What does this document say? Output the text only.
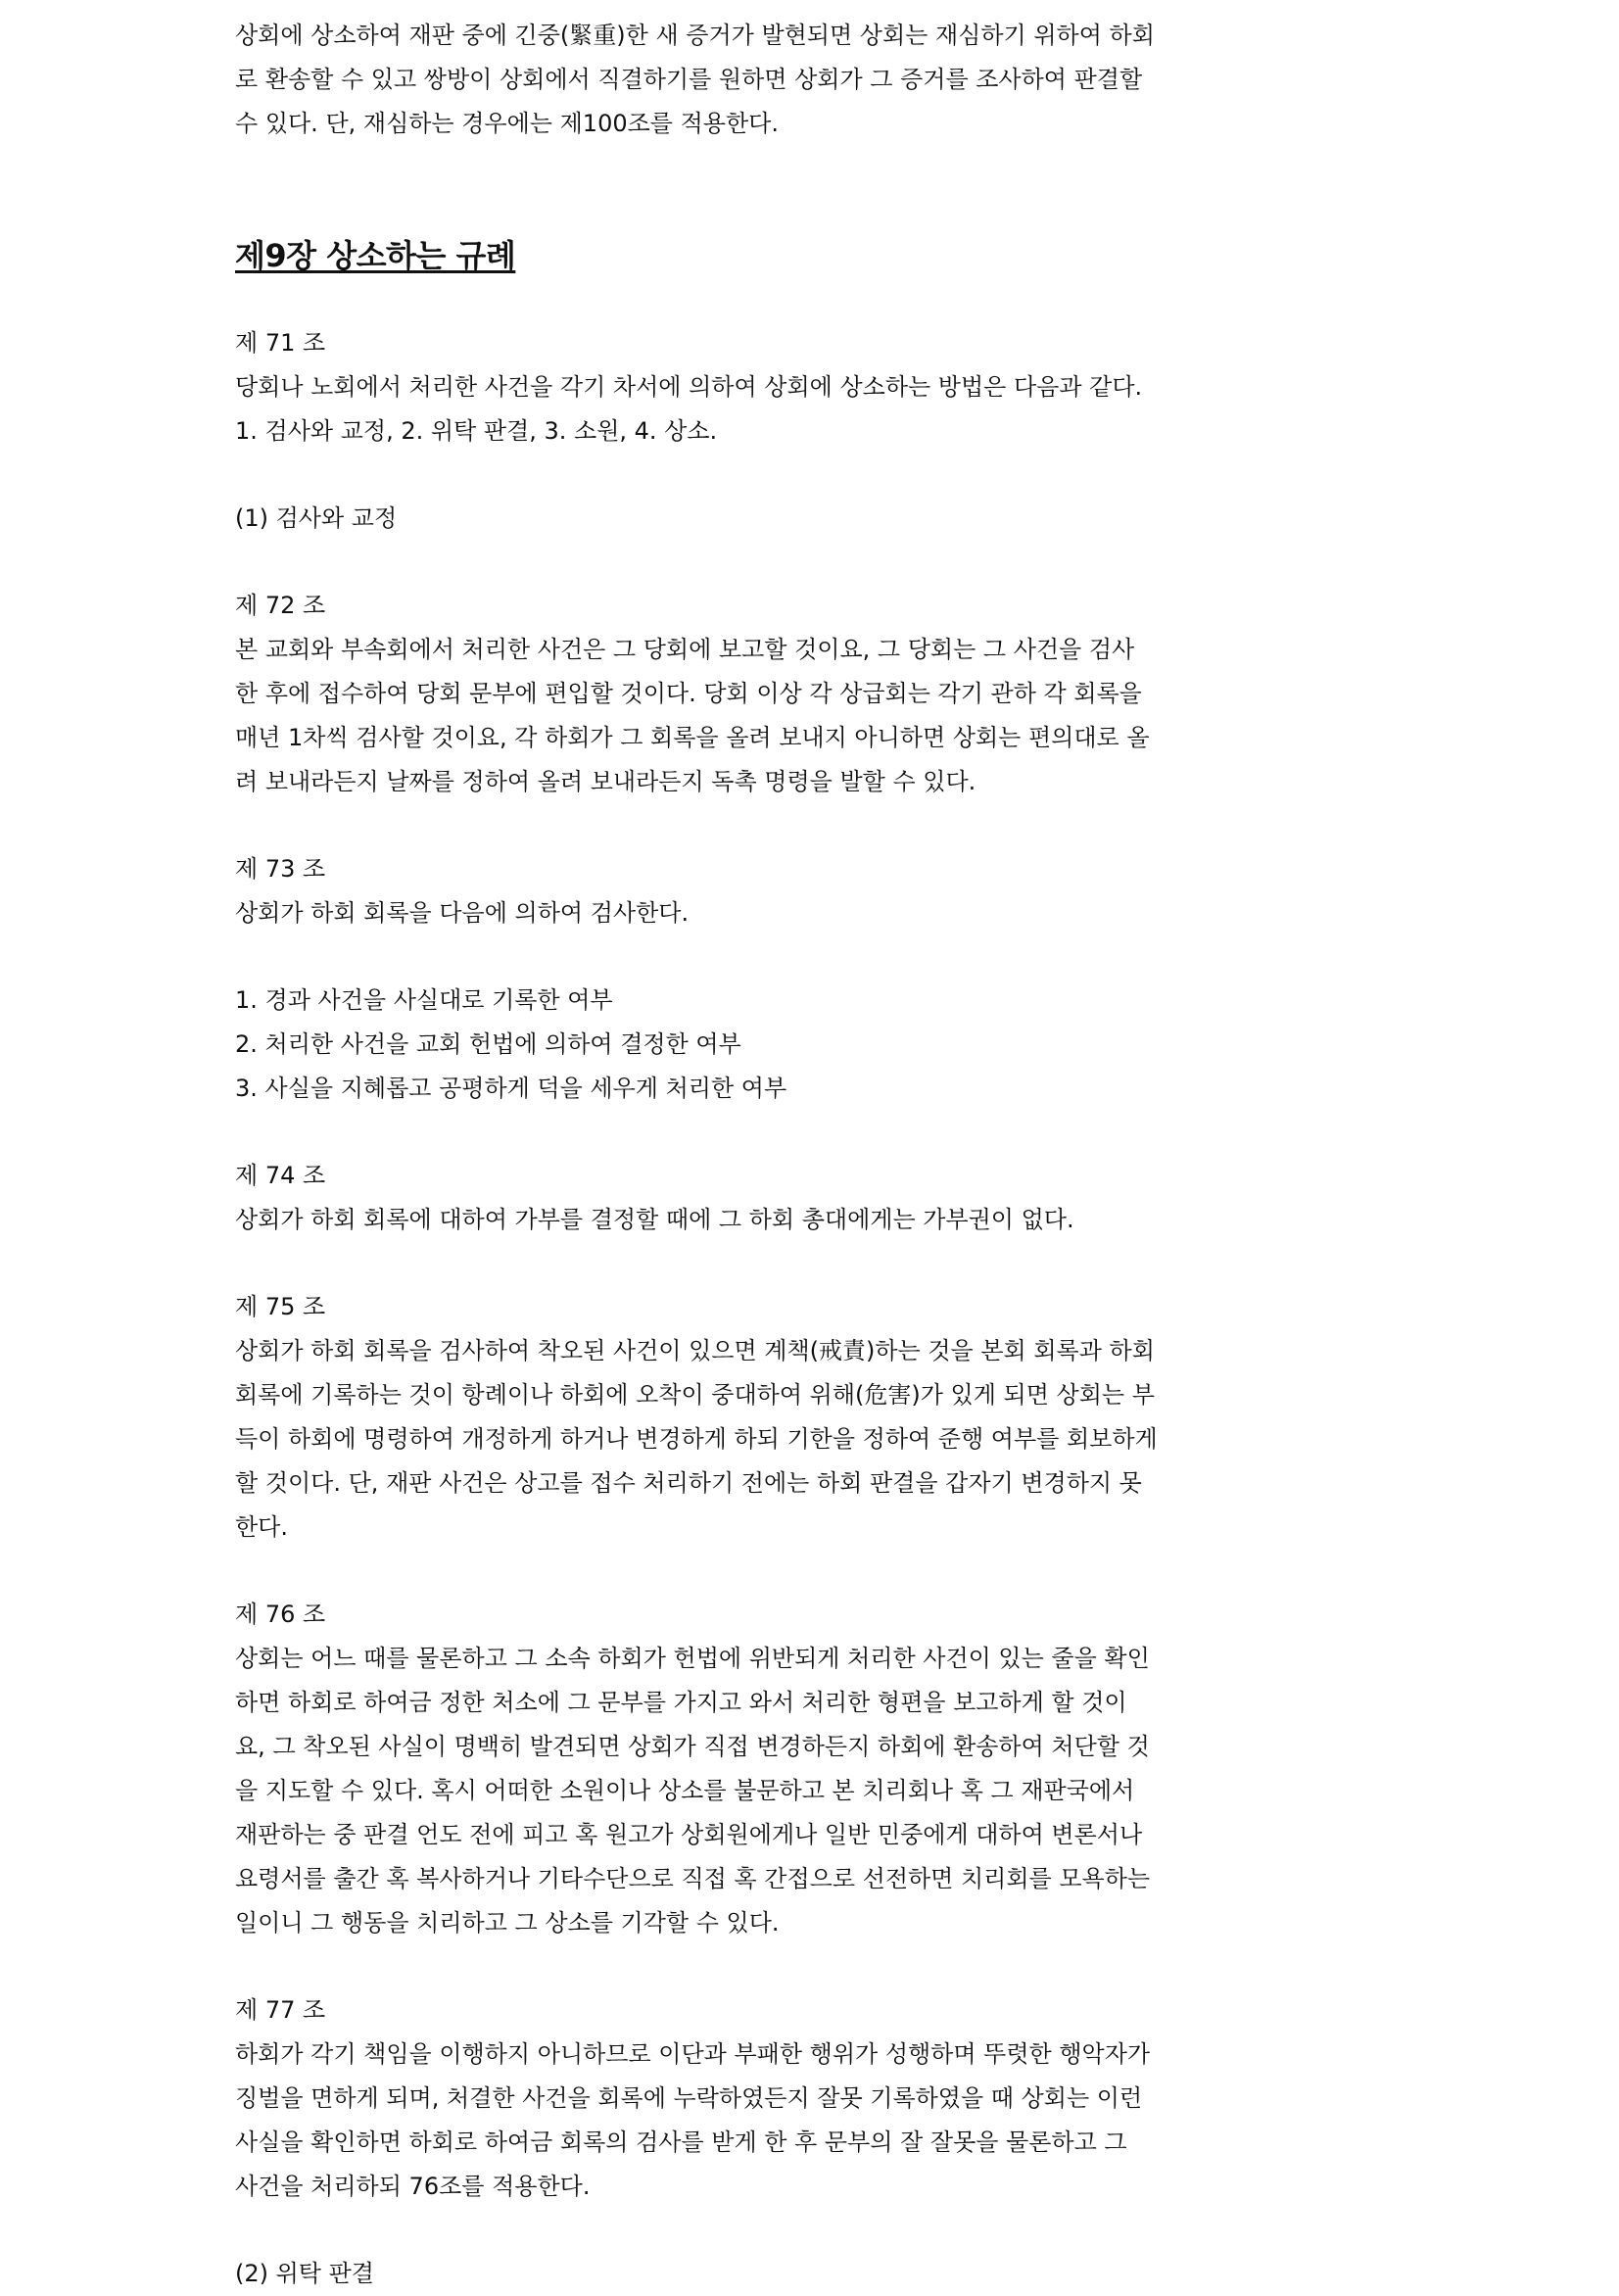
상회에 상소하여 재판 중에 긴중(緊重)한 새 증거가 발현되면 상회는 재심하기 위하여 하회
로 환송할 수 있고 쌍방이 상회에서 직결하기를 원하면 상회가 그 증거를 조사하여 판결할
수 있다. 단, 재심하는 경우에는 제100조를 적용한다.
제9장 상소하는 규례
제 71 조
당회나 노회에서 처리한 사건을 각기 차서에 의하여 상회에 상소하는 방법은 다음과 같다.
1. 검사와 교정, 2. 위탁 판결, 3. 소원, 4. 상소.
(1) 검사와 교정
제 72 조
본 교회와 부속회에서 처리한 사건은 그 당회에 보고할 것이요, 그 당회는 그 사건을 검사
한 후에 접수하여 당회 문부에 편입할 것이다. 당회 이상 각 상급회는 각기 관하 각 회록을
매년 1차씩 검사할 것이요, 각 하회가 그 회록을 올려 보내지 아니하면 상회는 편의대로 올
려 보내라든지 날짜를 정하여 올려 보내라든지 독촉 명령을 발할 수 있다.
제 73 조
상회가 하회 회록을 다음에 의하여 검사한다.
1. 경과 사건을 사실대로 기록한 여부
2. 처리한 사건을 교회 헌법에 의하여 결정한 여부
3. 사실을 지혜롭고 공평하게 덕을 세우게 처리한 여부
제 74 조
상회가 하회 회록에 대하여 가부를 결정할 때에 그 하회 총대에게는 가부권이 없다.
제 75 조
상회가 하회 회록을 검사하여 착오된 사건이 있으면 계책(戒責)하는 것을 본회 회록과 하회
회록에 기록하는 것이 항례이나 하회에 오착이 중대하여 위해(危害)가 있게 되면 상회는 부
득이 하회에 명령하여 개정하게 하거나 변경하게 하되 기한을 정하여 준행 여부를 회보하게
할 것이다. 단, 재판 사건은 상고를 접수 처리하기 전에는 하회 판결을 갑자기 변경하지 못
한다.
제 76 조
상회는 어느 때를 물론하고 그 소속 하회가 헌법에 위반되게 처리한 사건이 있는 줄을 확인
하면 하회로 하여금 정한 처소에 그 문부를 가지고 와서 처리한 형편을 보고하게 할 것이
요, 그 착오된 사실이 명백히 발견되면 상회가 직접 변경하든지 하회에 환송하여 처단할 것
을 지도할 수 있다. 혹시 어떠한 소원이나 상소를 불문하고 본 치리회나 혹 그 재판국에서
재판하는 중 판결 언도 전에 피고 혹 원고가 상회원에게나 일반 민중에게 대하여 변론서나
요령서를 출간 혹 복사하거나 기타수단으로 직접 혹 간접으로 선전하면 치리회를 모욕하는
일이니 그 행동을 치리하고 그 상소를 기각할 수 있다.
제 77 조
하회가 각기 책임을 이행하지 아니하므로 이단과 부패한 행위가 성행하며 뚜렷한 행악자가
징벌을 면하게 되며, 처결한 사건을 회록에 누락하였든지 잘못 기록하였을 때 상회는 이런
사실을 확인하면 하회로 하여금 회록의 검사를 받게 한 후 문부의 잘 잘못을 물론하고 그
사건을 처리하되 76조를 적용한다.
(2) 위탁 판결
